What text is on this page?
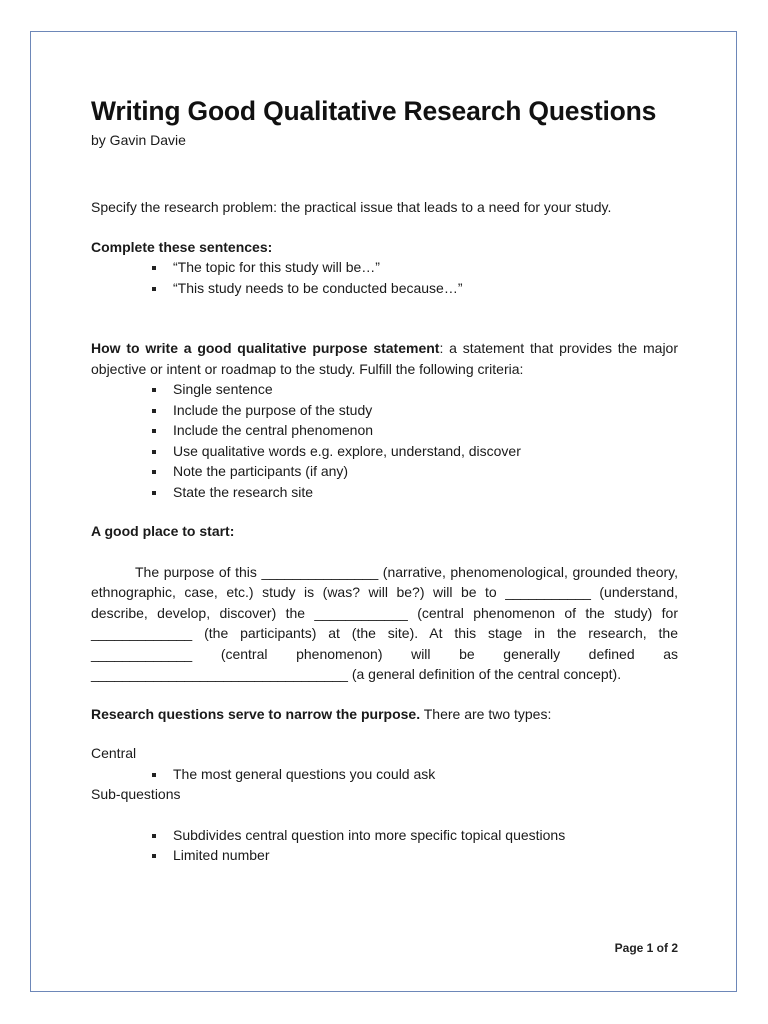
Writing Good Qualitative Research Questions

by Gavin Davie

Specify the research problem: the practical issue that leads to a need for your study.

Complete these sentences:

“The topic for this study will be…”
“This study needs to be conducted because…”

How to write a good qualitative purpose statement: a statement that provides the major objective or intent or roadmap to the study. Fulfill the following criteria:

Single sentence
Include the purpose of the study
Include the central phenomenon
Use qualitative words e.g. explore, understand, discover
Note the participants (if any)
State the research site

A good place to start:

The purpose of this _______________ (narrative, phenomenological, grounded theory, ethnographic, case, etc.) study is (was? will be?) will be to ___________ (understand, describe, develop, discover) the ____________ (central phenomenon of the study) for _____________ (the participants) at (the site). At this stage in the research, the _____________ (central phenomenon) will be generally defined as _________________________________ (a general definition of the central concept).

Research questions serve to narrow the purpose. There are two types:

Central

The most general questions you could ask

Sub-questions

Subdivides central question into more specific topical questions
Limited number
Page 1 of 2
